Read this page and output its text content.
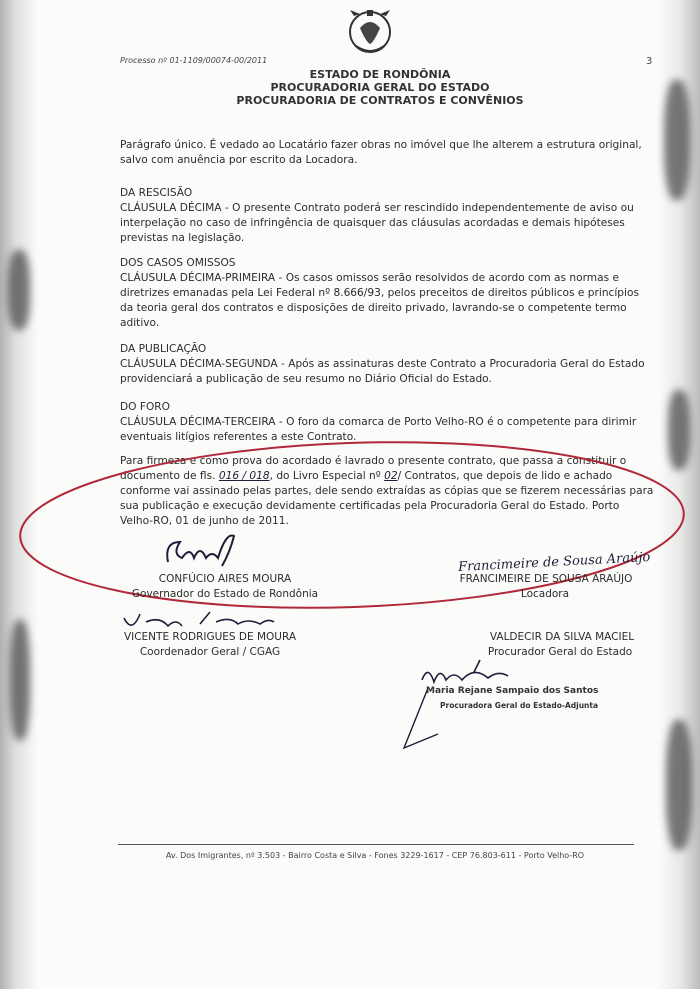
Processo nº 01-1109/00074-00/2011	3
ESTADO DE RONDÔNIA
PROCURADORIA GERAL DO ESTADO
PROCURADORIA DE CONTRATOS E CONVÊNIOS
Parágrafo único. É vedado ao Locatário fazer obras no imóvel que lhe alterem a estrutura original,
salvo com anuência por escrito da Locadora.
DA RESCISÃO
CLÁUSULA DÉCIMA - O presente Contrato poderá ser rescindido independentemente de aviso ou
interpelação no caso de infringência de quaisquer das cláusulas acordadas e demais hipóteses
previstas na legislação.
DOS CASOS OMISSOS
CLÁUSULA DÉCIMA-PRIMEIRA - Os casos omissos serão resolvidos de acordo com as normas e
diretrizes emanadas pela Lei Federal nº 8.666/93, pelos preceitos de direitos públicos e princípios
da teoria geral dos contratos e disposições de direito privado, lavrando-se o competente termo
aditivo.
DA PUBLICAÇÃO
CLÁUSULA DÉCIMA-SEGUNDA - Após as assinaturas deste Contrato a Procuradoria Geral do Estado
providenciará a publicação de seu resumo no Diário Oficial do Estado.
DO FORO
CLÁUSULA DÉCIMA-TERCEIRA - O foro da comarca de Porto Velho-RO é o competente para dirimir
eventuais litígios referentes a este Contrato.
Para firmeza e como prova do acordado é lavrado o presente contrato, que passa a constituir o
documento de fls. 016 / 018, do Livro Especial nº 02/ Contratos, que depois de lido e achado
conforme vai assinado pelas partes, dele sendo extraídas as cópias que se fizerem necessárias para
sua publicação e execução devidamente certificadas pela Procuradoria Geral do Estado. Porto
Velho-RO, 01 de junho de 2011.
CONFÚCIO AIRES MOURA
Governador do Estado de Rondônia
Francimeire de Sousa Araújo
FRANCIMEIRE DE SOUSA ARAÚJO
Locadora
VICENTE RODRIGUES DE MOURA
Coordenador Geral / CGAG
VALDECIR DA SILVA MACIEL
Procurador Geral do Estado
Maria Rejane Sampaio dos Santos
Procuradora Geral do Estado-Adjunta
Av. Dos Imigrantes, nº 3.503 - Bairro Costa e Silva - Fones 3229-1617 - CEP 76.803-611 - Porto Velho-RO
